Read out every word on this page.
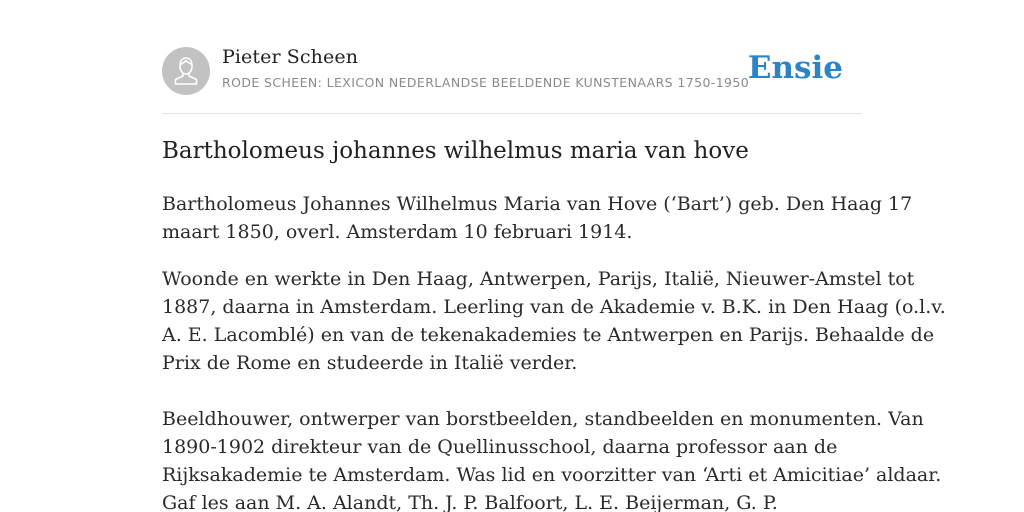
Pieter Scheen
RODE SCHEEN: LEXICON NEDERLANDSE BEELDENDE KUNSTENAARS 1750-1950
Ensie
Bartholomeus johannes wilhelmus maria van hove
Bartholomeus Johannes Wilhelmus Maria van Hove (‘Bart’) geb. Den Haag 17
maart 1850, overl. Amsterdam 10 februari 1914.
Woonde en werkte in Den Haag, Antwerpen, Parijs, Italië, Nieuwer-Amstel tot
1887, daarna in Amsterdam. Leerling van de Akademie v. B.K. in Den Haag (o.l.v.
A. E. Lacomblé) en van de tekenakademies te Antwerpen en Parijs. Behaalde de
Prix de Rome en studeerde in Italië verder.
Beeldhouwer, ontwerper van borstbeelden, standbeelden en monumenten. Van
1890-1902 direkteur van de Quellinusschool, daarna professor aan de
Rijksakademie te Amsterdam. Was lid en voorzitter van ‘Arti et Amicitiae’ aldaar.
Gaf les aan M. A. Alandt, Th. J. P. Balfoort, L. E. Beijerman, G. P.
